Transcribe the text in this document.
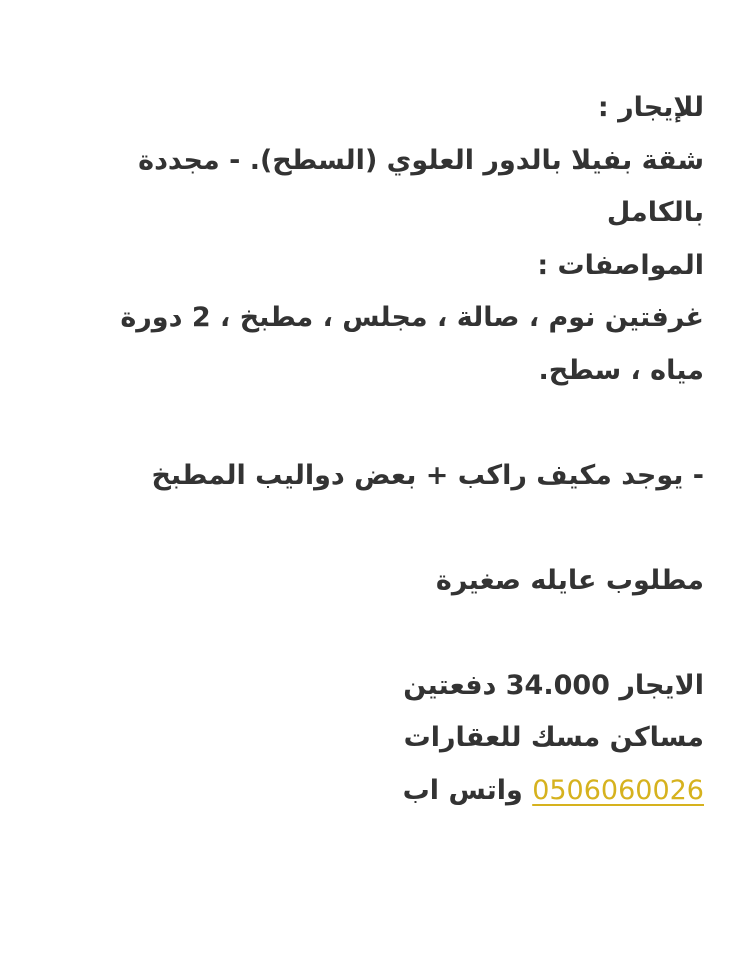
للإيجار :
شقة بفيلا بالدور العلوي (السطح). - مجددة بالكامل
المواصفات :
غرفتين نوم ، صالة ، مجلس ، مطبخ ، 2 دورة مياه ، سطح.
- يوجد مكيف راكب + بعض دواليب المطبخ
مطلوب عايله صغيرة
الايجار 34.000 دفعتين
مساكن مسك للعقارات
0506060026 واتس اب
